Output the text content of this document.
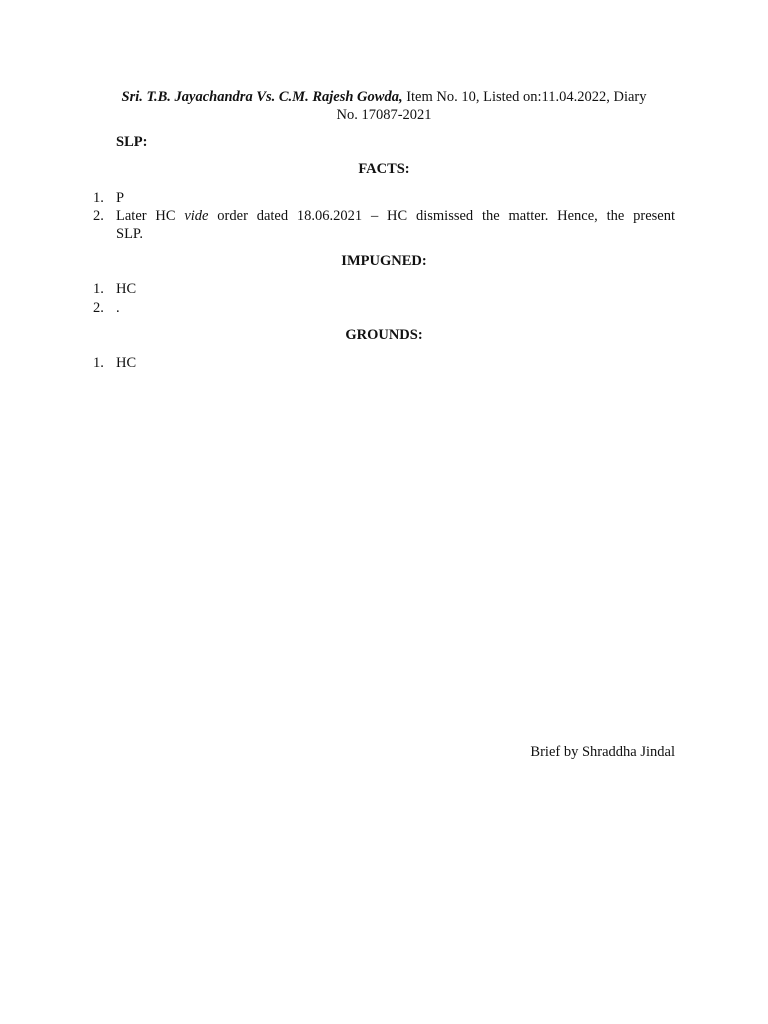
Sri. T.B. Jayachandra Vs. C.M. Rajesh Gowda, Item No. 10, Listed on:11.04.2022, Diary
No. 17087-2021
SLP:
FACTS:
1. P
2. Later HC vide order dated 18.06.2021 – HC dismissed the matter. Hence, the present
SLP.
IMPUGNED:
1. HC
2. .
GROUNDS:
1. HC
Brief by Shraddha Jindal
